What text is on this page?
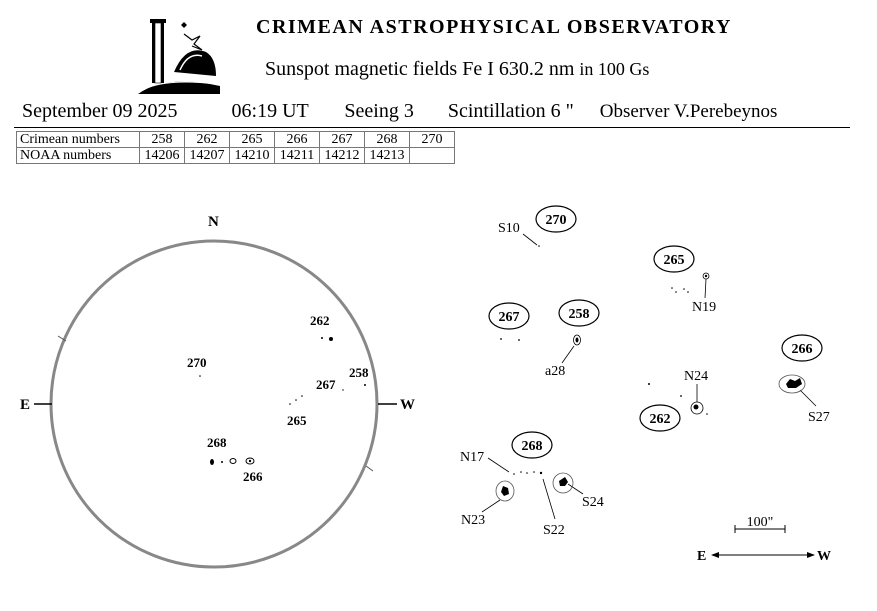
CRIMEAN ASTROPHYSICAL OBSERVATORY
Sunspot magnetic fields Fe I 630.2 nm in 100 Gs
September 09 2025	06:19 UT Seeing 3 Scintillation 6 " Observer V.Perebeynos
Crimean numbers	258	262	265	266	267	268	270
NOAA numbers	14206	14207	14210	14211	14212	14213	
N
E	W
262
270
267
258
265
268
266
270
265
267	258
266
262
268
S10
N19
a28	N24
S27
N17
N23
S22
S24
100"
E	W
